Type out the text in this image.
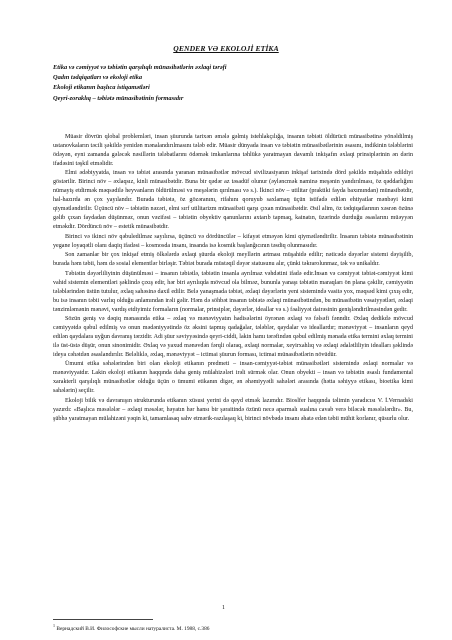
QENDER VƏ EKOLOJİ ETİKA
Etika və cəmiyyət və təbiətin qarşılıqlı münasibətlərin əxlaqi tərəfi
Qadın tədqiqatları və ekoloji etika
Ekoloji etikanın başlıca istiqamətləri
Qeyri-zoraklıq – təbiətə münasibətinin formasıdır

Müasir dövrün qlobal problemləri, insan şüurunda tarixən əmələ gəlmiş istehlakçılığa, insanın təbiəti öldürücü münasibətinə yönəldilmiş ustanovkaların təcili şəkildə yenidən mənalandırılmasını tələb edir. Müasir dünyada insan və təbiətin münasibətlərinin əsasını, indikinin tələblərini ödəyən, eyni zamanda gələcək nəsillərin tələbatlarını ödəmək imkanlarına təhlükə yaratmayan davamlı inkişafın əxlaqi prinsiplərinin ən dərin ifadəsini təşkil etməlidir.

Elmi ədəbiyyatda, insan və təbiət arasında yaranan münasibətlər mövcud sivilizasiyanın inkişaf tarixində dörd şəkildə müşahidə edildiyi göstərilir. Birinci növ – əxlaqsız, kinli münasibətdir. Buna bir qədər az təsadüf olunur (əyləncmək naminə meşənin yandırılması, öz qəddarlığını nümayiş etdirmək məqsədilə heyvanların öldürülməsi və meşələrin qırılması və s.). İkinci növ – utilitar (praktiki fayda baxımından) münasibətdir, hal-hazırda ən çox yayılandır. Burada təbiətə, öz gözəranını, rifahını qoruyub saxlamaq üçün istifadə edilən ehtiyatlar mənbəyi kimi qiymətləndirilir. Üçüncü növ – təbiətin nəzəri, elmi sırf utilitarizm münasibəti qarşı çıxan münasibətdir. Əsil alim, öz tədqiqatlarının xəsrən özünə gəlib çıxan faydadan düşünməz, onun vəzifəsi – təbiətin obyektiv qanunlarını axtarıb tapmaq, kainatın, üzərində durduğu əsaslarını müəyyən etməkdir. Dördüncü növ – estetik münasibətdir.

Birinci və ikinci növ qəbuledilməz sayılırsa, üçüncü və dördüncülər – kifayət etməyən kimi qiymətləndirilir. İnsanın təbiətə münasibətinin yegane loyaqətli olanı daqiq ifadəsi – kosmosda insanı, insanda isə kosmik başlanğıcının təsdiq olunmasıdır.

Son zamanlar bir çox inkişaf etmiş ölkələrdə əxlaqi şüurda ekoloji meyllərin artması müşahidə edilir; nəticədə dəyərlər sistemi dəyişilib, burada həm təbii, həm də sosial elementlər birləşir. Təbiət burada müstəqil dəyər statusunu alır, çünki təkrarolunmaz, tək və unikaldır.

Təbiətin dəyərliliyinin düşünülməsi – insanın təbiətlə, təbiətin insanla ayrılmaz vəhdətini ifadə edir.İnsan və cəmiyyət təbiət-cəmiyyət kimi vahid sistemin elementləri şəklində çıxış edir, hər biri ayrılıqda mövcud ola bilməz, bununla yanaşı təbiətin maraqları ön plana çəkilir, cəmiyyətin tələblərindən üstün tutulur, əxlaq sahəsinə daxil edilir. Belə yanaşmada təbiət, əxlaqi dəyərlərin yeni sistemində vasitə yox, məqsəd kimi çıxış edir, bu isə insanın təbii varlıq olduğu anlamından irəli gəlir. Həm də söhbət insanın təbiətə əxlaqi münasibətindən, bu münasibətin vəsaiyyətləri, əxlaqi tənzimləmənin mənəvi, vardış etdiyimiz formaların (normalar, prinsiplər, dəyərlər, ideallar və s.) fəaliyyət dairəsinin genişləndirilməsindən gedir.

Sözün geniş və dəqiq mənasında etika – əxlaq və mənəviyyatın hadisələrini öyrənən əxlaqi və fəlsəfi fənndir. Əxlaq dedikdə mövcud cəmiyyətdə qəbul edilmiş və onun mədəniyyətində öz əksini tapmış qadağalar, tələblər, qaydalar və ideallardır; mənəviyyət – insanların qeyd edilən qaydalara uyğun davranış tərzidir. Adi şüur səviyyəsində qeyri-ciddi, lakin hamı tərəfindən qəbul edilmiş mənada etika termini əxlaq termini ilə üst-üstə düşür, onun sinonimidir. Əxlaq və yaxud mənəvdən fərqli olaraq, əxlaqi normalar, xeyirxahlıq və əxlaqi ədalətliliyin idealları şəklində ideya cəhətdən əsaslandırılır. Beləliklə, əxlaq, mənəviyyət – ictimai şüurun forması, ictimai münasibətlərin növüdür.

Ümumi etika səhələrindən biri olan ekoloji etikanın predmeti – insan-cəmiyyət-təbiət münasibətləri sistemində əxlaqi normalar və mənəviyyatdır. Lakin ekoloji etikanın haqqında daha geniş mülahizələri irəli sürmək olar. Onun obyekti – insan və təbiətin əsaslı fundamental xarakterli qarşılıqlı münasibətlər olduğu üçün o ümumi etikanın digər, ən əhəmiyyətli sahələri arasında (hətta səhiyyə etikası, bioetika kimi sahələrin) seçilir.

Ekoloji bilik və davranışın strukturunda etikanın xüsusi yerini də qeyd etmək lazımdır. Bioslfer haqqında təlimin yaradıcısı V. İ.Vernadski yazırdı: «Başlıca məsələlər – əxlaqi məsələr, həyatın hər hansı bir şəraitində özünü necə aparmalı sualına cavab verə biləcək məsələlərdir». Bu, şübhə yaratmayan mülahizəni yəqin ki, tamamlasaq sahv etmərik-razılaşaq ki, birinci növbədə insanı əhatə edən təbii mühit korlanır, qüsurlu olur.

1
$^1$ Вернадский В.И. Философские мысли натуралиста. М. 1988, с.386
